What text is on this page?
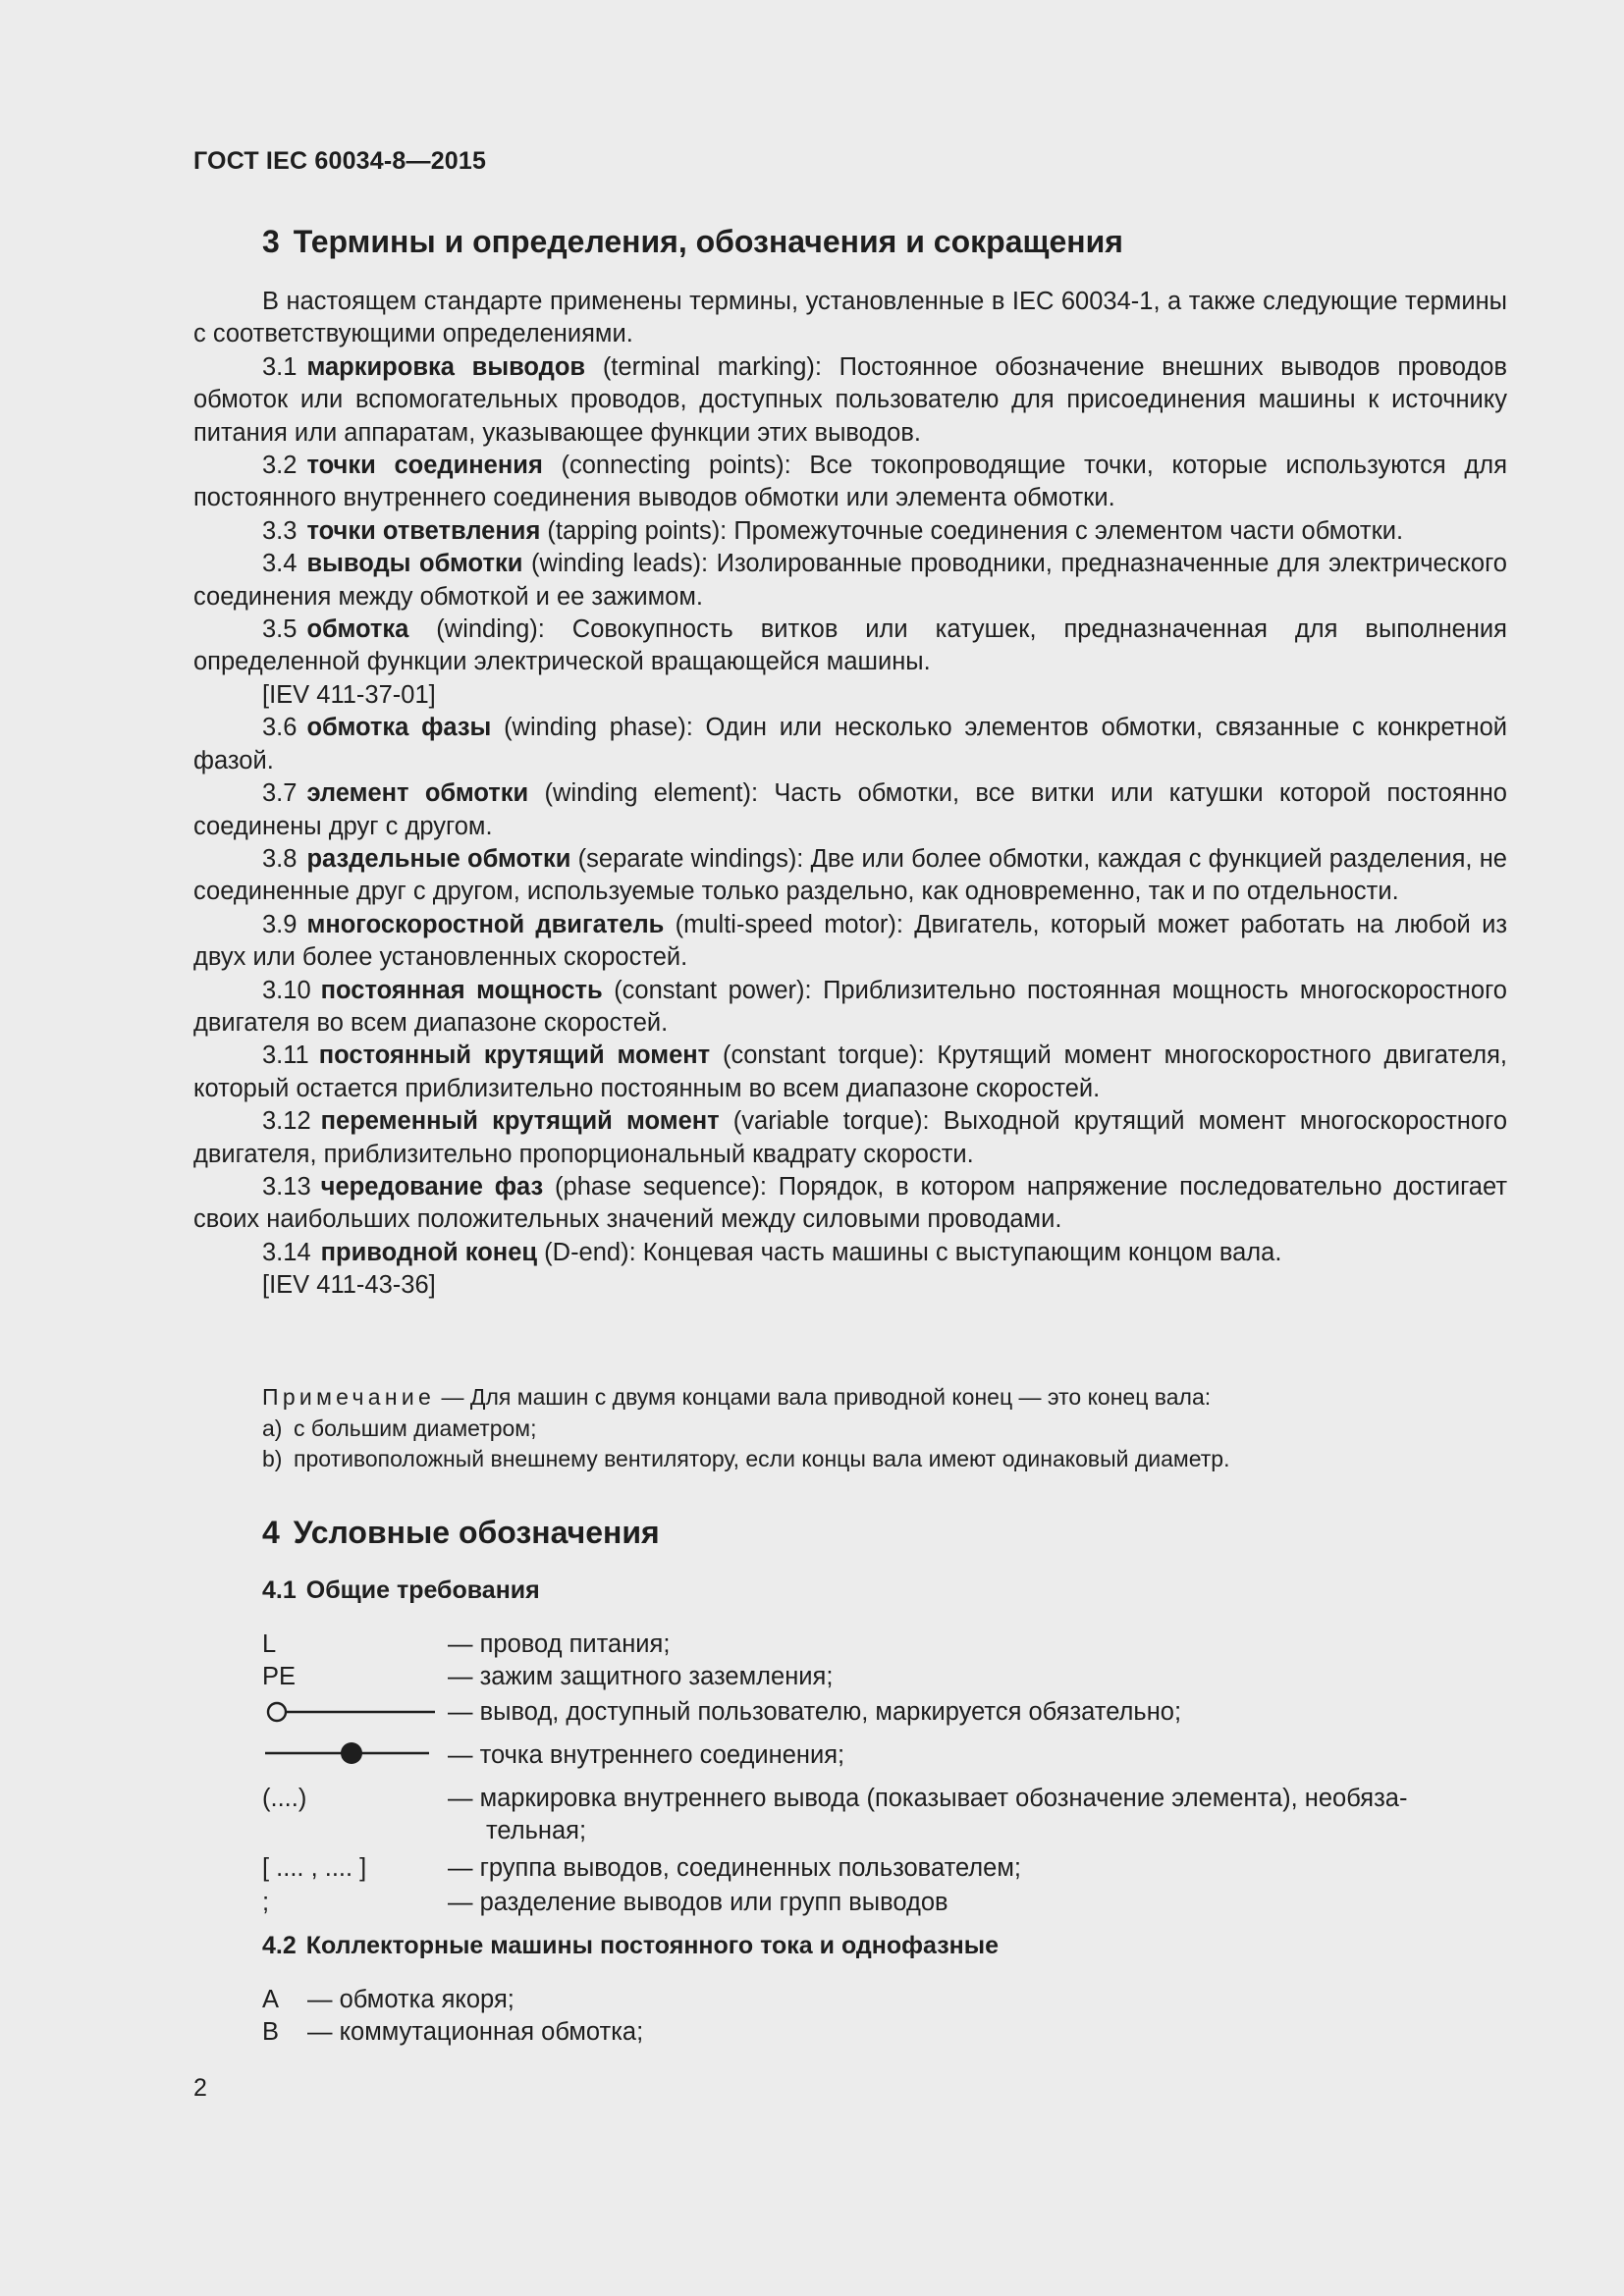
ГОСТ IEC 60034-8—2015
3 Термины и определения, обозначения и сокращения

В настоящем стандарте применены термины, установленные в IEC 60034-1, а также следующие термины с соответствующими определениями.

3.1 маркировка выводов (terminal marking): Постоянное обозначение внешних выводов проводов обмоток или вспомогательных проводов, доступных пользователю для присоединения машины к источнику питания или аппаратам, указывающее функции этих выводов.

3.2 точки соединения (connecting points): Все токопроводящие точки, которые используются для постоянного внутреннего соединения выводов обмотки или элемента обмотки.

3.3 точки ответвления (tapping points): Промежуточные соединения с элементом части обмотки.

3.4 выводы обмотки (winding leads): Изолированные проводники, предназначенные для электрического соединения между обмоткой и ее зажимом.

3.5 обмотка (winding): Совокупность витков или катушек, предназначенная для выполнения определенной функции электрической вращающейся машины.

[IEV 411-37-01]

3.6 обмотка фазы (winding phase): Один или несколько элементов обмотки, связанные с конкретной фазой.

3.7 элемент обмотки (winding element): Часть обмотки, все витки или катушки которой постоянно соединены друг с другом.

3.8 раздельные обмотки (separate windings): Две или более обмотки, каждая с функцией разделения, не соединенные друг с другом, используемые только раздельно, как одновременно, так и по отдельности.

3.9 многоскоростной двигатель (multi-speed motor): Двигатель, который может работать на любой из двух или более установленных скоростей.

3.10 постоянная мощность (constant power): Приблизительно постоянная мощность многоскоростного двигателя во всем диапазоне скоростей.

3.11 постоянный крутящий момент (constant torque): Крутящий момент многоскоростного двигателя, который остается приблизительно постоянным во всем диапазоне скоростей.

3.12 переменный крутящий момент (variable torque): Выходной крутящий момент многоскоростного двигателя, приблизительно пропорциональный квадрату скорости.

3.13 чередование фаз (phase sequence): Порядок, в котором напряжение последовательно достигает своих наибольших положительных значений между силовыми проводами.

3.14 приводной конец (D-end): Концевая часть машины с выступающим концом вала.

[IEV 411-43-36]

Примечание — Для машин с двумя концами вала приводной конец — это конец вала:

a) с большим диаметром;

b) противоположный внешнему вентилятору, если концы вала имеют одинаковый диаметр.

4 Условные обозначения
4.1 Общие требования
L	— провод питания;
PE	— зажим защитного заземления;
— вывод, доступный пользователю, маркируется обязательно;
— точка внутреннего соединения;
(....)	— маркировка внутреннего вывода (показывает обозначение элемента), необяза-
тельная;
[ .... , .... ]	— группа выводов, соединенных пользователем;
;	— разделение выводов или групп выводов
4.2 Коллекторные машины постоянного тока и однофазные
A — обмотка якоря;
B — коммутационная обмотка;
2
